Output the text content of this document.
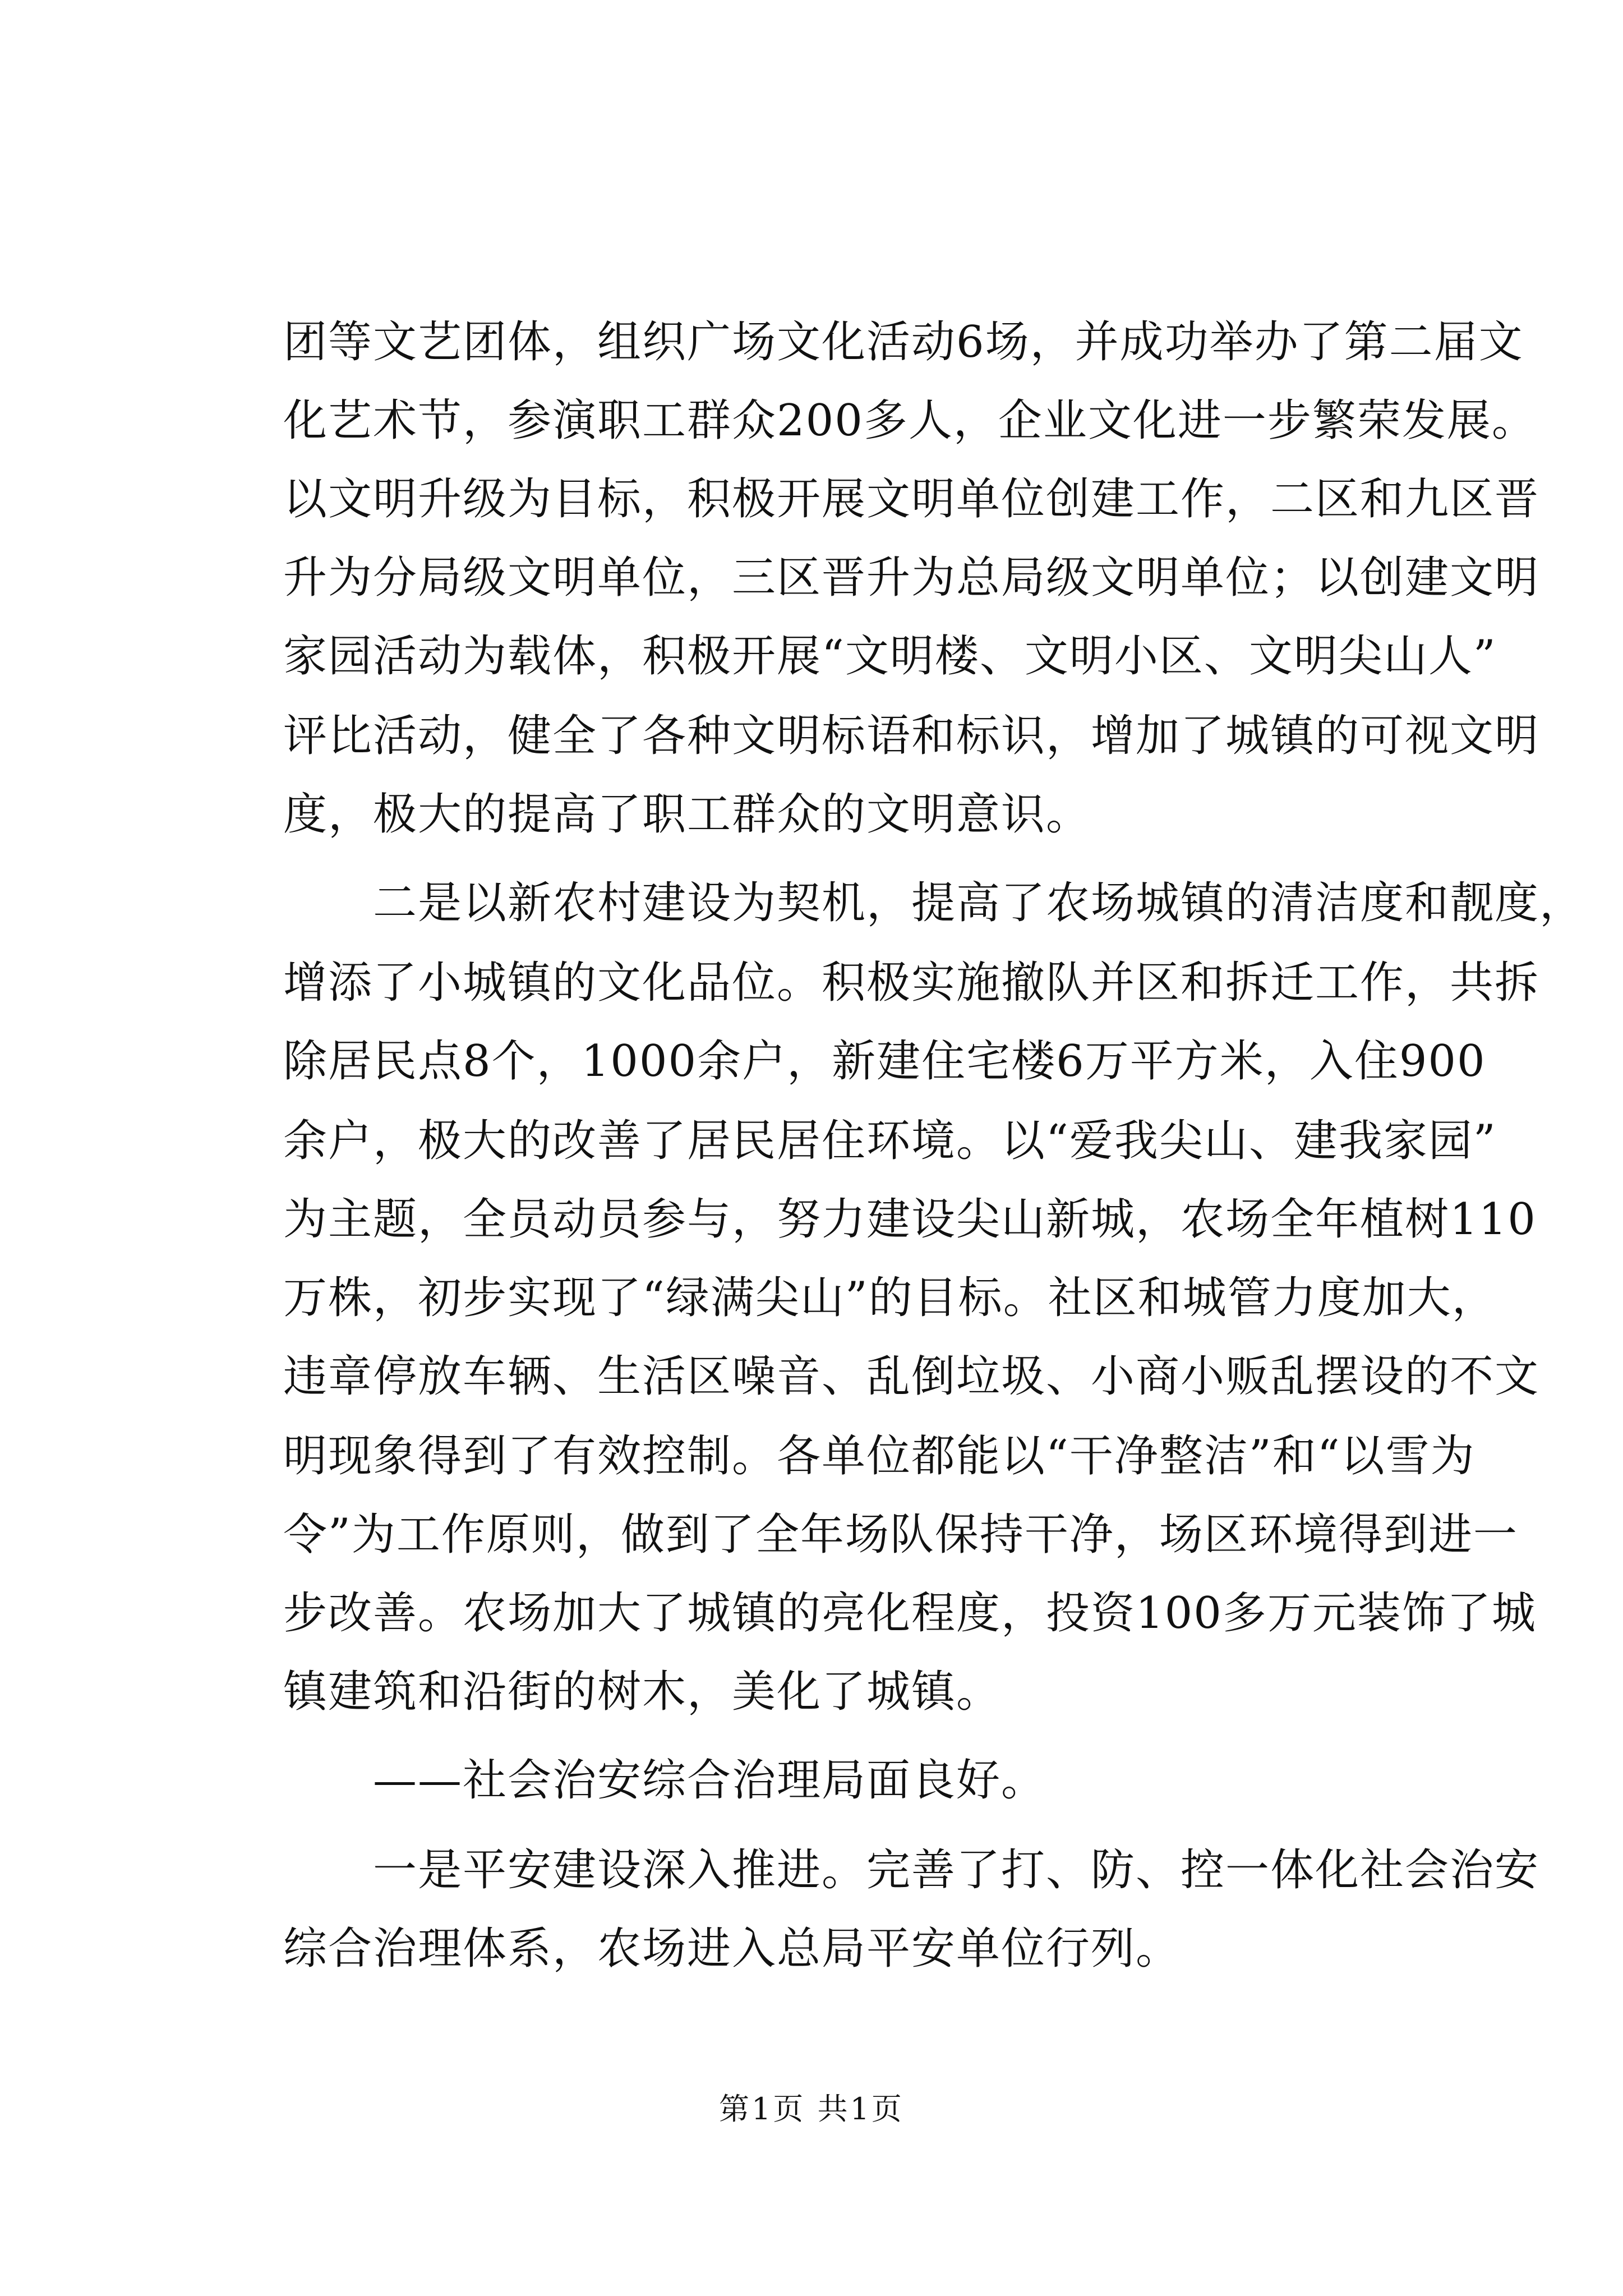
团等文艺团体，组织广场文化活动6场，并成功举办了第二届文
化艺术节，参演职工群众200多人，企业文化进一步繁荣发展。
以文明升级为目标，积极开展文明单位创建工作，二区和九区晋
升为分局级文明单位，三区晋升为总局级文明单位；以创建文明
家园活动为载体，积极开展“文明楼、文明小区、文明尖山人”
评比活动，健全了各种文明标语和标识，增加了城镇的可视文明
度，极大的提高了职工群众的文明意识。
　　二是以新农村建设为契机，提高了农场城镇的清洁度和靓度，
增添了小城镇的文化品位。积极实施撤队并区和拆迁工作，共拆
除居民点8个，1000余户，新建住宅楼6万平方米，入住900
余户，极大的改善了居民居住环境。以“爱我尖山、建我家园”
为主题，全员动员参与，努力建设尖山新城，农场全年植树110
万株，初步实现了“绿满尖山”的目标。社区和城管力度加大，
违章停放车辆、生活区噪音、乱倒垃圾、小商小贩乱摆设的不文
明现象得到了有效控制。各单位都能以“干净整洁”和“以雪为
令”为工作原则，做到了全年场队保持干净，场区环境得到进一
步改善。农场加大了城镇的亮化程度，投资100多万元装饰了城
镇建筑和沿街的树木，美化了城镇。
　　——社会治安综合治理局面良好。
　　一是平安建设深入推进。完善了打、防、控一体化社会治安
综合治理体系，农场进入总局平安单位行列。
第1页 共1页
